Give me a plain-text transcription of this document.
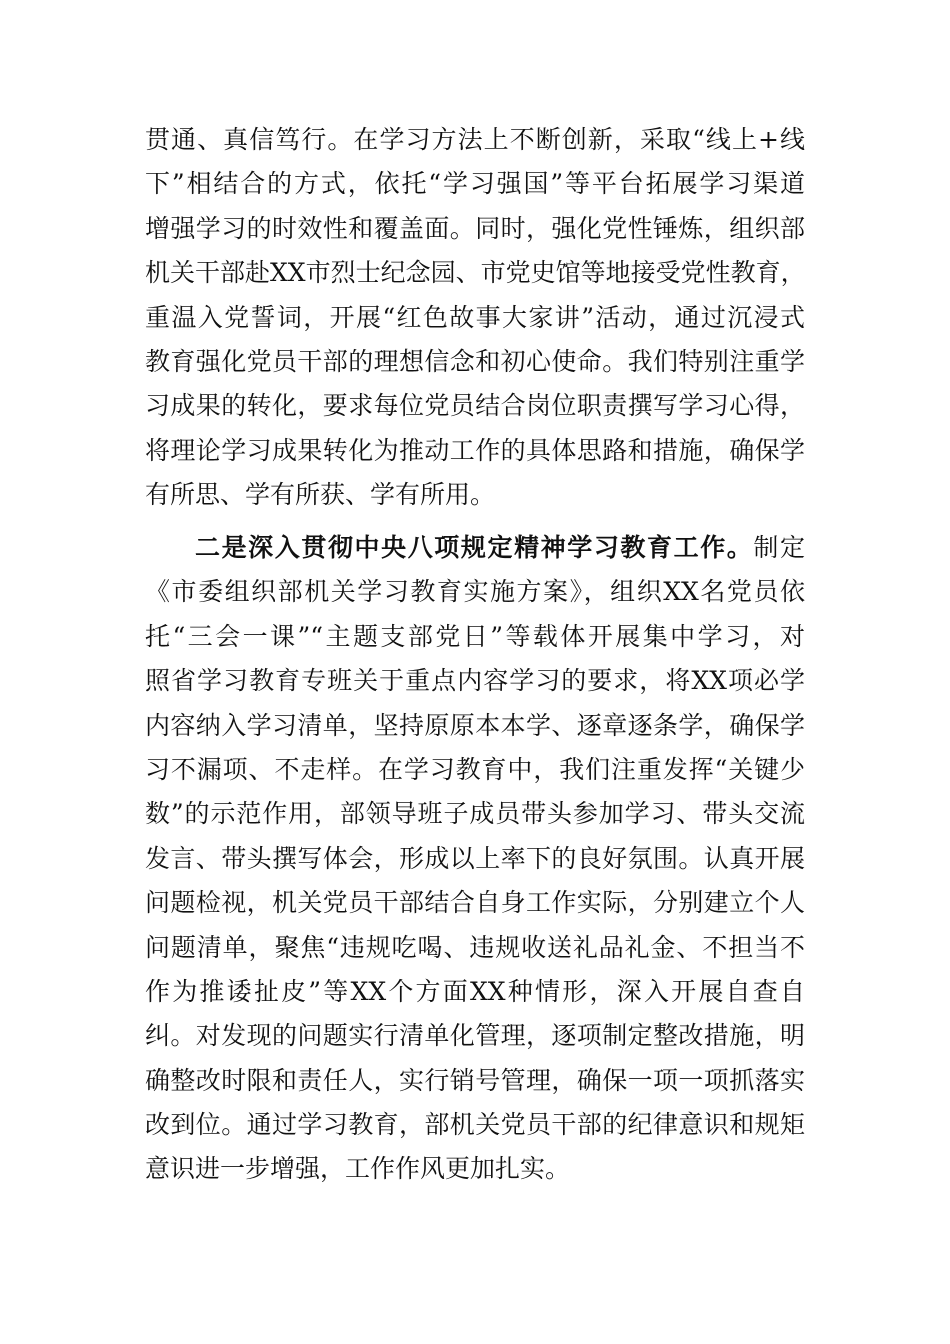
贯通、真信笃行。在学习方法上不断创新，采取“线上+线
下”相结合的方式，依托“学习强国”等平台拓展学习渠道
增强学习的时效性和覆盖面。同时，强化党性锤炼，组织部
机关干部赴XX市烈士纪念园、市党史馆等地接受党性教育，
重温入党誓词，开展“红色故事大家讲”活动，通过沉浸式
教育强化党员干部的理想信念和初心使命。我们特别注重学
习成果的转化，要求每位党员结合岗位职责撰写学习心得，
将理论学习成果转化为推动工作的具体思路和措施，确保学
有所思、学有所获、学有所用。
二是深入贯彻中央八项规定精神学习教育工作。制定
《市委组织部机关学习教育实施方案》，组织XX名党员依
托“三会一课”“主题支部党日”等载体开展集中学习，对
照省学习教育专班关于重点内容学习的要求，将XX项必学
内容纳入学习清单，坚持原原本本学、逐章逐条学，确保学
习不漏项、不走样。在学习教育中，我们注重发挥“关键少
数”的示范作用，部领导班子成员带头参加学习、带头交流
发言、带头撰写体会，形成以上率下的良好氛围。认真开展
问题检视，机关党员干部结合自身工作实际，分别建立个人
问题清单，聚焦“违规吃喝、违规收送礼品礼金、不担当不
作为推诿扯皮”等XX个方面XX种情形，深入开展自查自
纠。对发现的问题实行清单化管理，逐项制定整改措施，明
确整改时限和责任人，实行销号管理，确保一项一项抓落实
改到位。通过学习教育，部机关党员干部的纪律意识和规矩
意识进一步增强，工作作风更加扎实。
